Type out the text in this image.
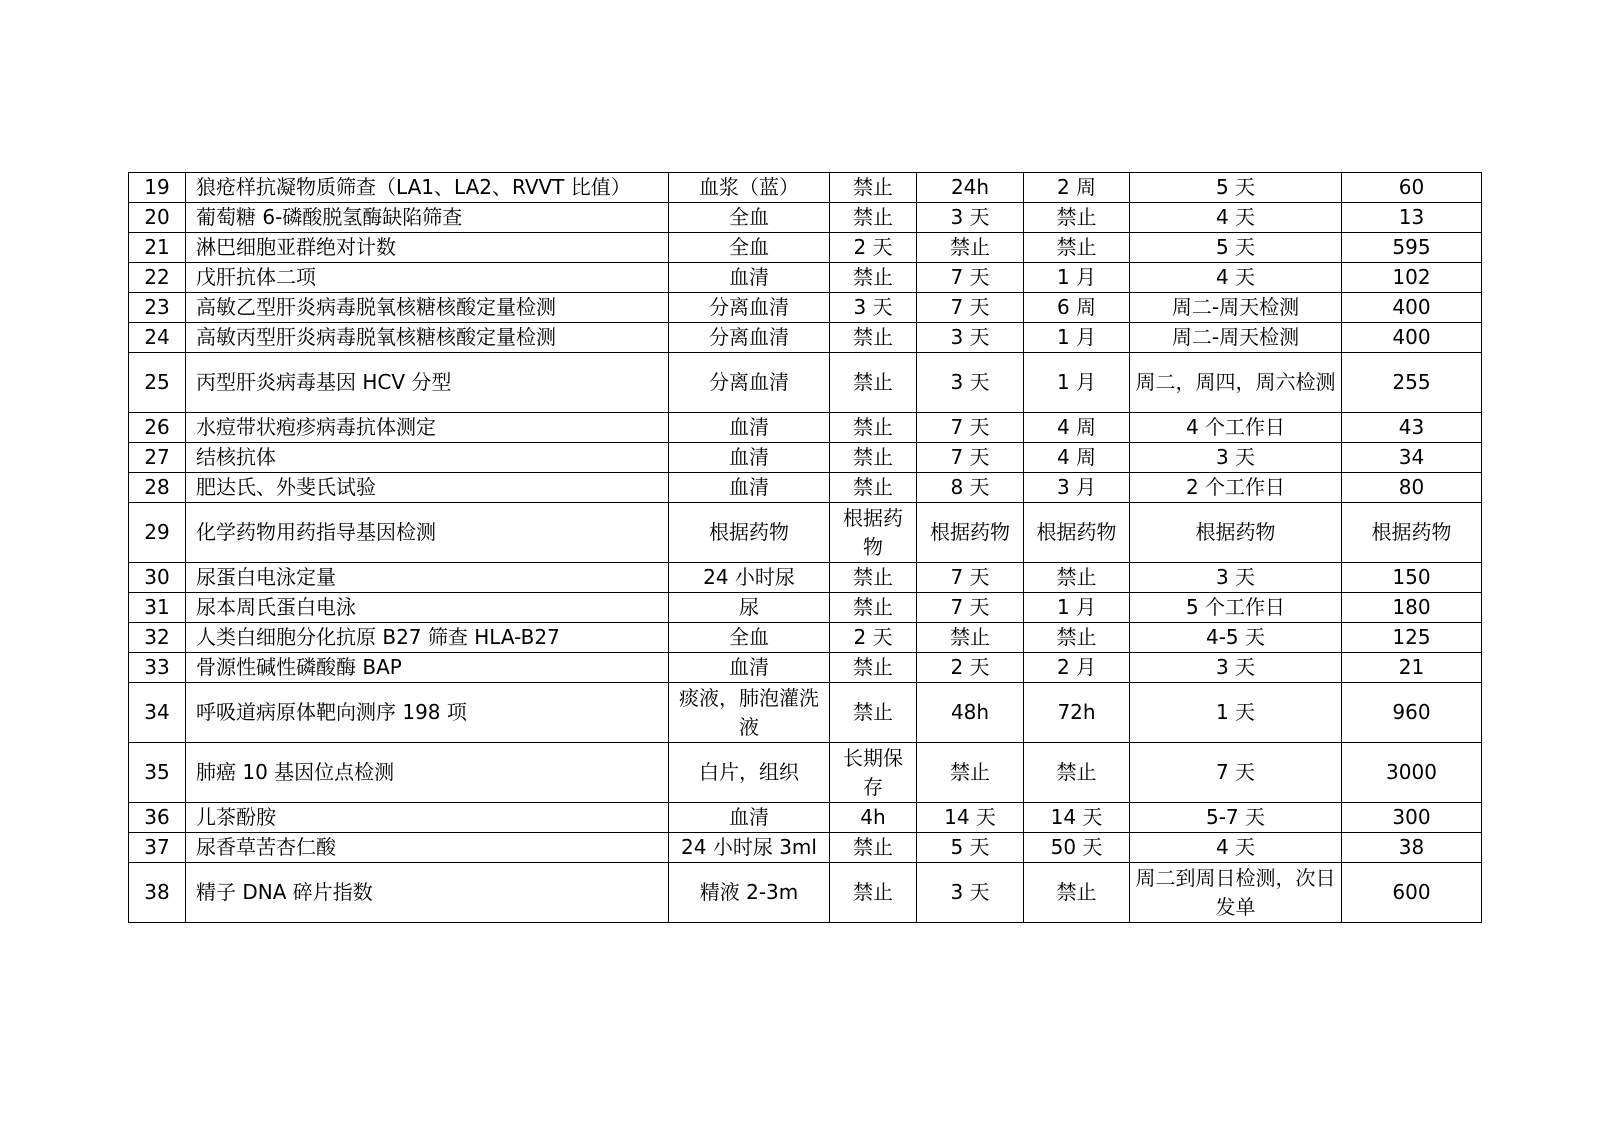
19	狼疮样抗凝物质筛查（LA1、LA2、RVVT 比值）	血浆（蓝）	禁止	24h	2 周	5 天	60
20	葡萄糖 6-磷酸脱氢酶缺陷筛查	全血	禁止	3 天	禁止	4 天	13
21	淋巴细胞亚群绝对计数	全血	2 天	禁止	禁止	5 天	595
22	戊肝抗体二项	血清	禁止	7 天	1 月	4 天	102
23	高敏乙型肝炎病毒脱氧核糖核酸定量检测	分离血清	3 天	7 天	6 周	周二-周天检测	400
24	高敏丙型肝炎病毒脱氧核糖核酸定量检测	分离血清	禁止	3 天	1 月	周二-周天检测	400
25	丙型肝炎病毒基因 HCV 分型	分离血清	禁止	3 天	1 月	周二，周四，周六检测	255
26	水痘带状疱疹病毒抗体测定	血清	禁止	7 天	4 周	4 个工作日	43
27	结核抗体	血清	禁止	7 天	4 周	3 天	34
28	肥达氏、外斐氏试验	血清	禁止	8 天	3 月	2 个工作日	80
29	化学药物用药指导基因检测	根据药物	根据药物	根据药物	根据药物	根据药物	根据药物
30	尿蛋白电泳定量	24 小时尿	禁止	7 天	禁止	3 天	150
31	尿本周氏蛋白电泳	尿	禁止	7 天	1 月	5 个工作日	180
32	人类白细胞分化抗原 B27 筛查 HLA-B27	全血	2 天	禁止	禁止	4-5 天	125
33	骨源性碱性磷酸酶 BAP	血清	禁止	2 天	2 月	3 天	21
34	呼吸道病原体靶向测序 198 项	痰液，肺泡灌洗液	禁止	48h	72h	1 天	960
35	肺癌 10 基因位点检测	白片，组织	长期保存	禁止	禁止	7 天	3000
36	儿茶酚胺	血清	4h	14 天	14 天	5-7 天	300
37	尿香草苦杏仁酸	24 小时尿 3ml	禁止	5 天	50 天	4 天	38
38	精子 DNA 碎片指数	精液 2-3m	禁止	3 天	禁止	周二到周日检测，次日发单	600
